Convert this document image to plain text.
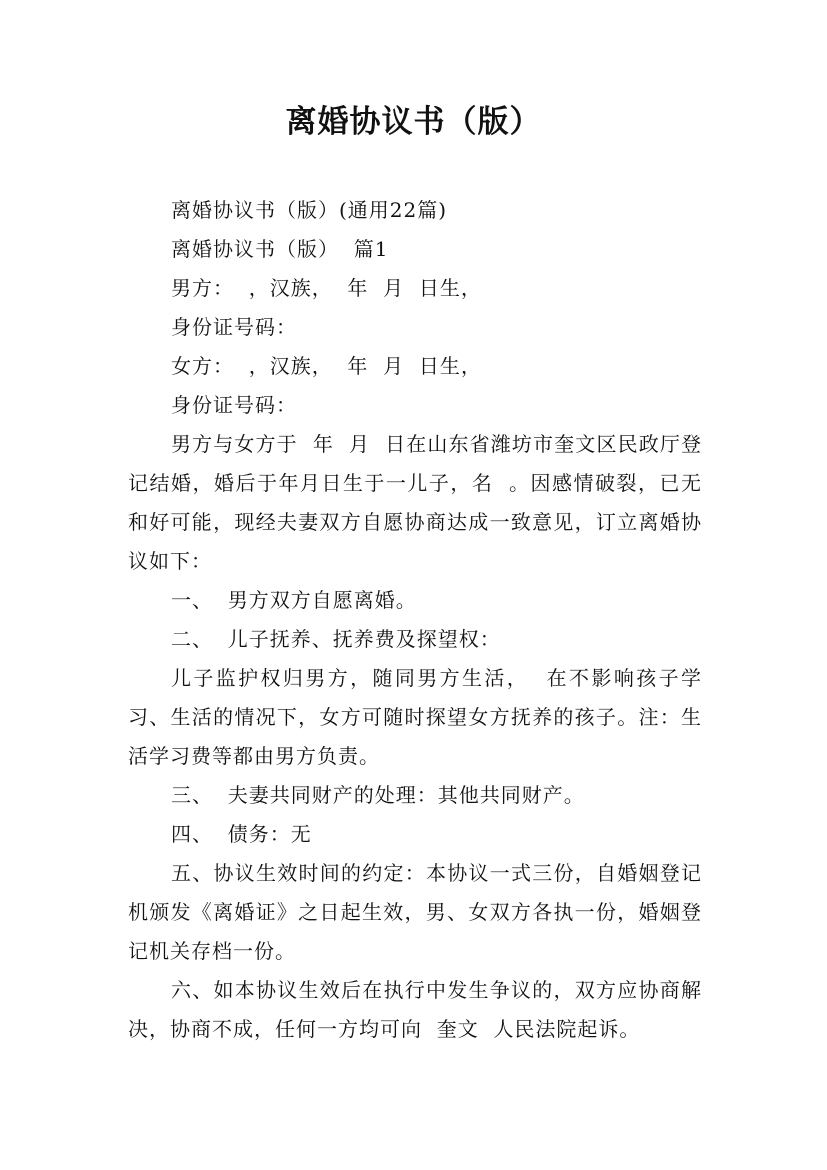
离婚协议书（版）

离婚协议书（版）(通用22篇)

离婚协议书（版）  篇1

男方：  ，汉族，  年  月  日生，

身份证号码：

女方：  ，汉族，  年  月  日生，

身份证号码：

男方与女方于  年  月  日在山东省潍坊市奎文区民政厅登记结婚，婚后于年月日生于一儿子，名  。因感情破裂，已无和好可能，现经夫妻双方自愿协商达成一致意见，订立离婚协议如下：

一、  男方双方自愿离婚。

二、  儿子抚养、抚养费及探望权：

儿子监护权归男方，随同男方生活，  在不影响孩子学习、生活的情况下，女方可随时探望女方抚养的孩子。注：生活学习费等都由男方负责。

三、  夫妻共同财产的处理：其他共同财产。

四、  债务：无

五、协议生效时间的约定：本协议一式三份，自婚姻登记机颁发《离婚证》之日起生效，男、女双方各执一份，婚姻登记机关存档一份。

六、如本协议生效后在执行中发生争议的，双方应协商解决，协商不成，任何一方均可向  奎文  人民法院起诉。
